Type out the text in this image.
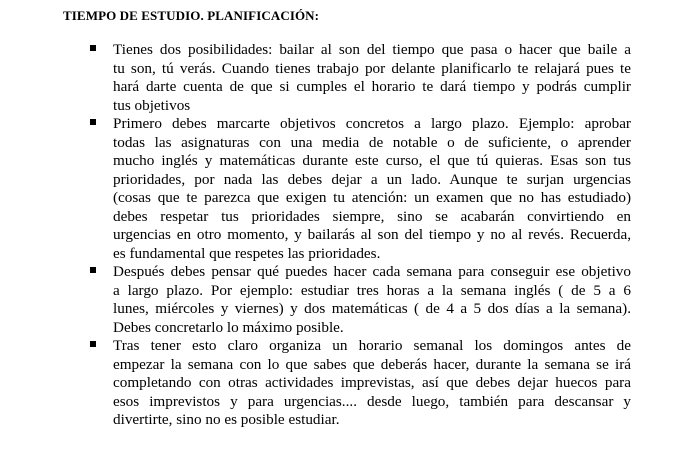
TIEMPO DE ESTUDIO. PLANIFICACIÓN:

Tienes dos posibilidades: bailar al son del tiempo que pasa o hacer que baile a
tu son, tú verás. Cuando tienes trabajo por delante planificarlo te relajará pues te
hará darte cuenta de que si cumples el horario te dará tiempo y podrás cumplir
tus objetivos

Primero debes marcarte objetivos concretos a largo plazo. Ejemplo: aprobar
todas las asignaturas con una media de notable o de suficiente, o aprender
mucho inglés y matemáticas durante este curso, el que tú quieras. Esas son tus
prioridades, por nada las debes dejar a un lado. Aunque te surjan urgencias
(cosas que te parezca que exigen tu atención: un examen que no has estudiado)
debes respetar tus prioridades siempre, sino se acabarán convirtiendo en
urgencias en otro momento, y bailarás al son del tiempo y no al revés. Recuerda,
es fundamental que respetes las prioridades.

Después debes pensar qué puedes hacer cada semana para conseguir ese objetivo
a largo plazo. Por ejemplo: estudiar tres horas a la semana inglés ( de 5 a 6
lunes, miércoles y viernes) y dos matemáticas ( de 4 a 5 dos días a la semana).
Debes concretarlo lo máximo posible.

Tras tener esto claro organiza un horario semanal los domingos antes de
empezar la semana con lo que sabes que deberás hacer, durante la semana se irá
completando con otras actividades imprevistas, así que debes dejar huecos para
esos imprevistos y para urgencias.... desde luego, también para descansar y
divertirte, sino no es posible estudiar.
